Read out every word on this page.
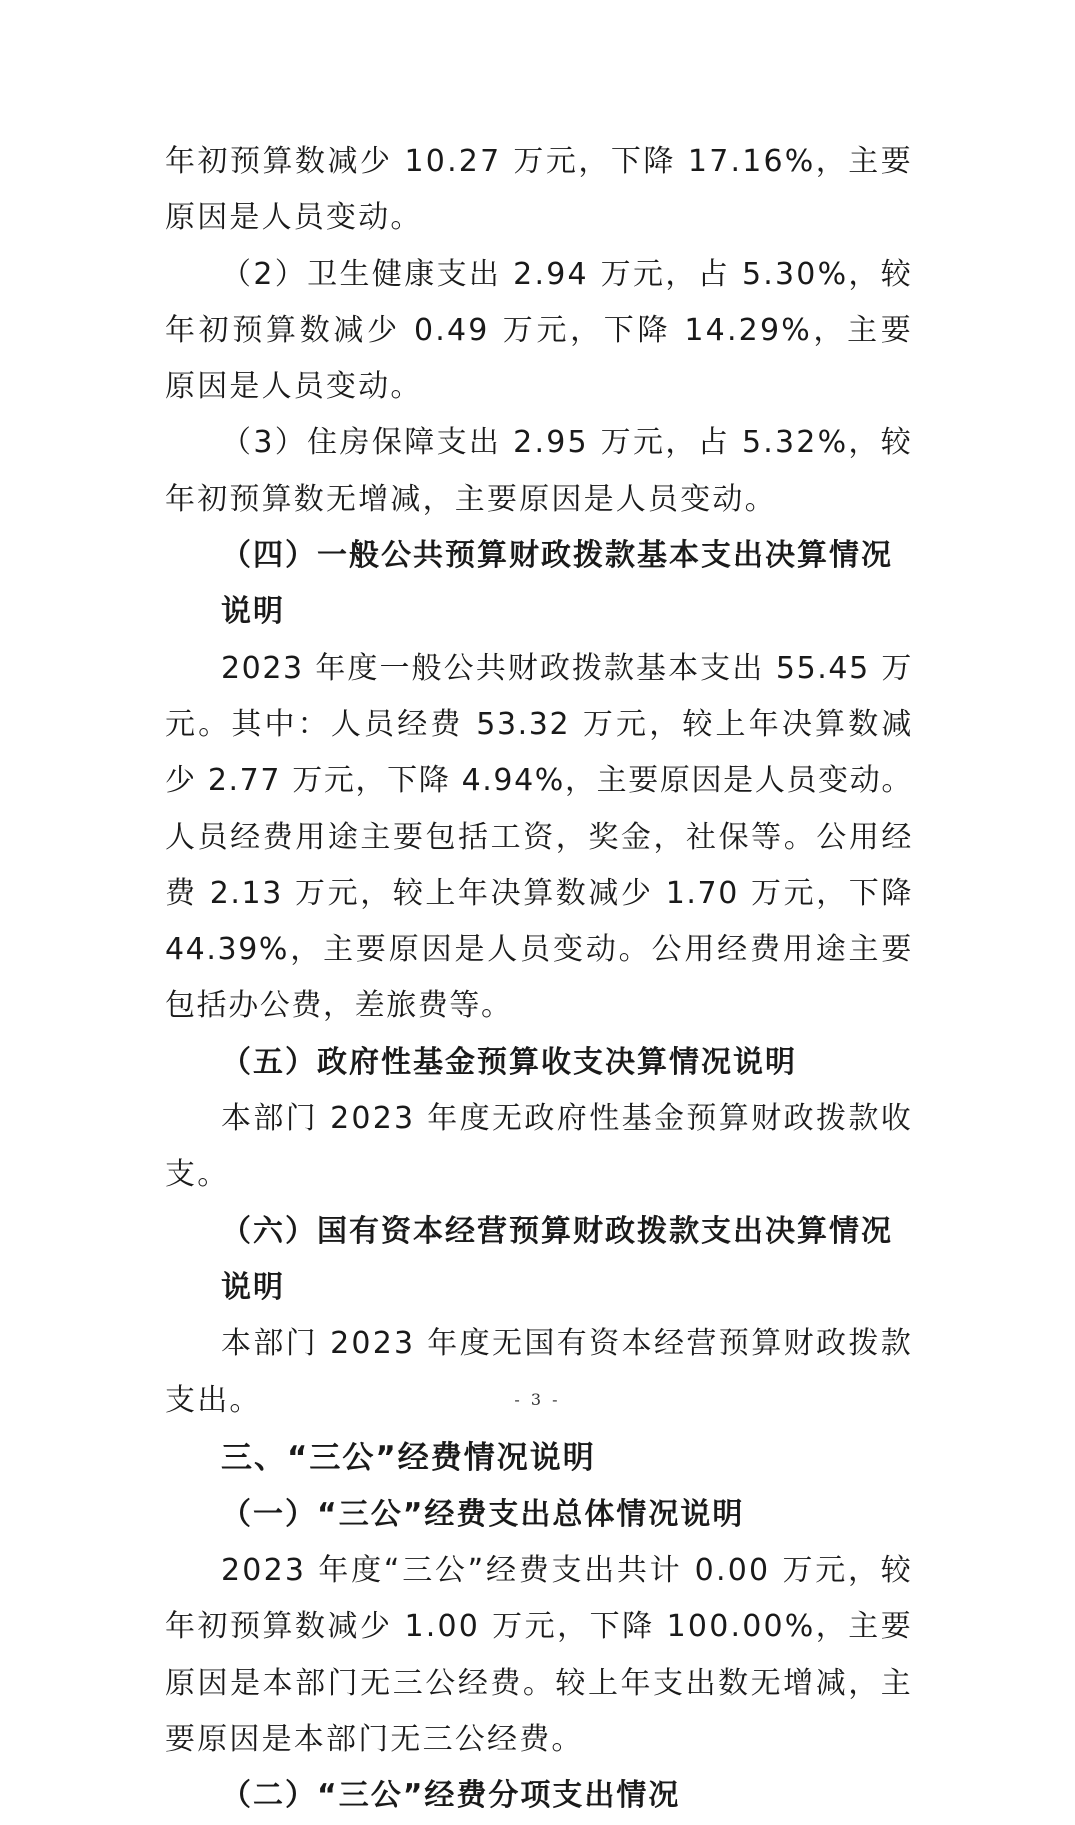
年初预算数减少 10.27 万元，下降 17.16%，主要原因是人员变动。

（2）卫生健康支出 2.94 万元，占 5.30%，较年初预算数减少 0.49 万元，下降 14.29%，主要原因是人员变动。

（3）住房保障支出 2.95 万元，占 5.32%，较年初预算数无增减，主要原因是人员变动。

（四）一般公共预算财政拨款基本支出决算情况说明

2023 年度一般公共财政拨款基本支出 55.45 万元。其中：人员经费 53.32 万元，较上年决算数减少 2.77 万元，下降 4.94%，主要原因是人员变动。人员经费用途主要包括工资，奖金，社保等。公用经费 2.13 万元，较上年决算数减少 1.70 万元，下降 44.39%，主要原因是人员变动。公用经费用途主要包括办公费，差旅费等。

（五）政府性基金预算收支决算情况说明

本部门 2023 年度无政府性基金预算财政拨款收支。

（六）国有资本经营预算财政拨款支出决算情况说明

本部门 2023 年度无国有资本经营预算财政拨款支出。

三、“三公”经费情况说明

（一）“三公”经费支出总体情况说明

2023 年度“三公”经费支出共计 0.00 万元，较年初预算数减少 1.00 万元，下降 100.00%，主要原因是本部门无三公经费。较上年支出数无增减，主要原因是本部门无三公经费。

（二）“三公”经费分项支出情况

- 3 -
